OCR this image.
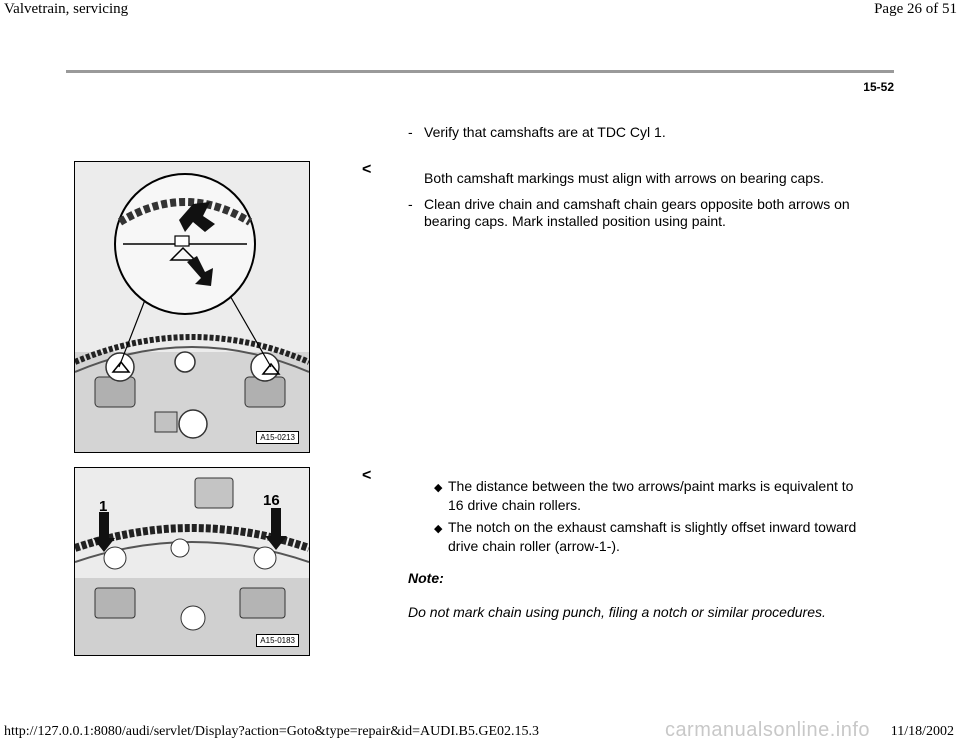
Valvetrain, servicing	Page 26 of 51
15-52
- Verify that camshafts are at TDC Cyl 1.
A15-0213
<	Both camshaft markings must align with arrows on bearing caps.
- Clean drive chain and camshaft chain gears opposite both arrows on
bearing caps. Mark installed position using paint.
1	16
A15-0183
<
◆ The distance between the two arrows/paint marks is equivalent to
16 drive chain rollers.
◆ The notch on the exhaust camshaft is slightly offset inward toward
drive chain roller (arrow-1-).
Note:
Do not mark chain using punch, filing a notch or similar procedures.
http://127.0.0.1:8080/audi/servlet/Display?action=Goto&type=repair&id=AUDI.B5.GE02.15.3	carmanualsonline.info 11/18/2002
